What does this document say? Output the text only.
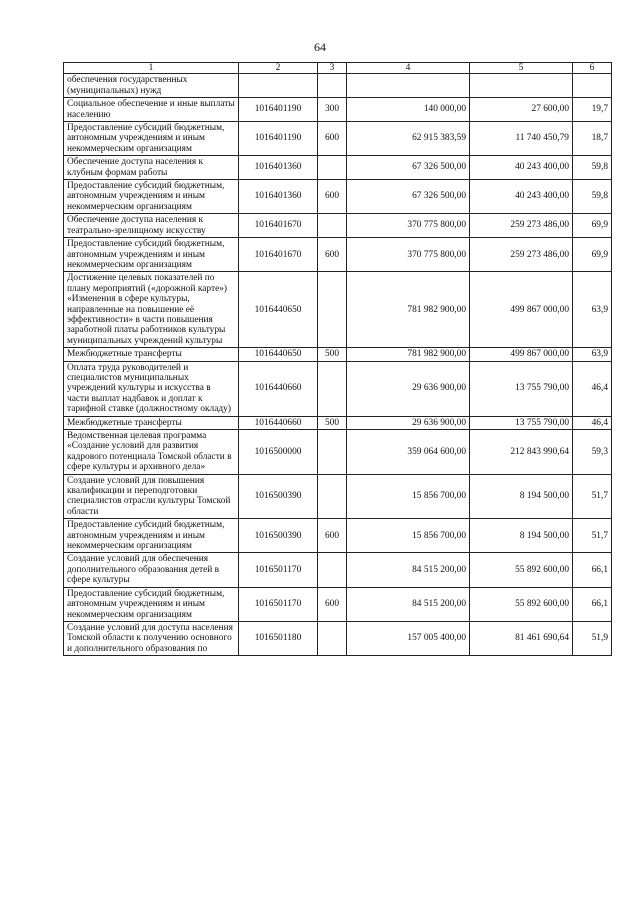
64
1	2	3	4	5	6
обеспечения государственных (муниципальных) нужд					
Социальное обеспечение и иные выплаты населению	1016401190	300	140 000,00	27 600,00	19,7
Предоставление субсидий бюджетным, автономным учреждениям и иным некоммерческим организациям	1016401190	600	62 915 383,59	11 740 450,79	18,7
Обеспечение доступа населения к клубным формам работы	1016401360		67 326 500,00	40 243 400,00	59,8
Предоставление субсидий бюджетным, автономным учреждениям и иным некоммерческим организациям	1016401360	600	67 326 500,00	40 243 400,00	59,8
Обеспечение доступа населения к театрально-зрелищному искусству	1016401670		370 775 800,00	259 273 486,00	69,9
Предоставление субсидий бюджетным, автономным учреждениям и иным некоммерческим организациям	1016401670	600	370 775 800,00	259 273 486,00	69,9
Достижение целевых показателей по плану мероприятий («дорожной карте») «Изменения в сфере культуры, направленные на повышение её эффективности» в части повышения заработной платы работников культуры муниципальных учреждений культуры	1016440650		781 982 900,00	499 867 000,00	63,9
Межбюджетные трансферты	1016440650	500	781 982 900,00	499 867 000,00	63,9
Оплата труда руководителей и специалистов муниципальных учреждений культуры и искусства в части выплат надбавок и доплат к тарифной ставке (должностному окладу)	1016440660		29 636 900,00	13 755 790,00	46,4
Межбюджетные трансферты	1016440660	500	29 636 900,00	13 755 790,00	46,4
Ведомственная целевая программа «Создание условий для развития кадрового потенциала Томской области в сфере культуры и архивного дела»	1016500000		359 064 600,00	212 843 990,64	59,3
Создание условий для повышения квалификации и переподготовки специалистов отрасли культуры Томской области	1016500390		15 856 700,00	8 194 500,00	51,7
Предоставление субсидий бюджетным, автономным учреждениям и иным некоммерческим организациям	1016500390	600	15 856 700,00	8 194 500,00	51,7
Создание условий для обеспечения дополнительного образования детей в сфере культуры	1016501170		84 515 200,00	55 892 600,00	66,1
Предоставление субсидий бюджетным, автономным учреждениям и иным некоммерческим организациям	1016501170	600	84 515 200,00	55 892 600,00	66,1
Создание условий для доступа населения Томской области к получению основного и дополнительного образования по	1016501180		157 005 400,00	81 461 690,64	51,9
